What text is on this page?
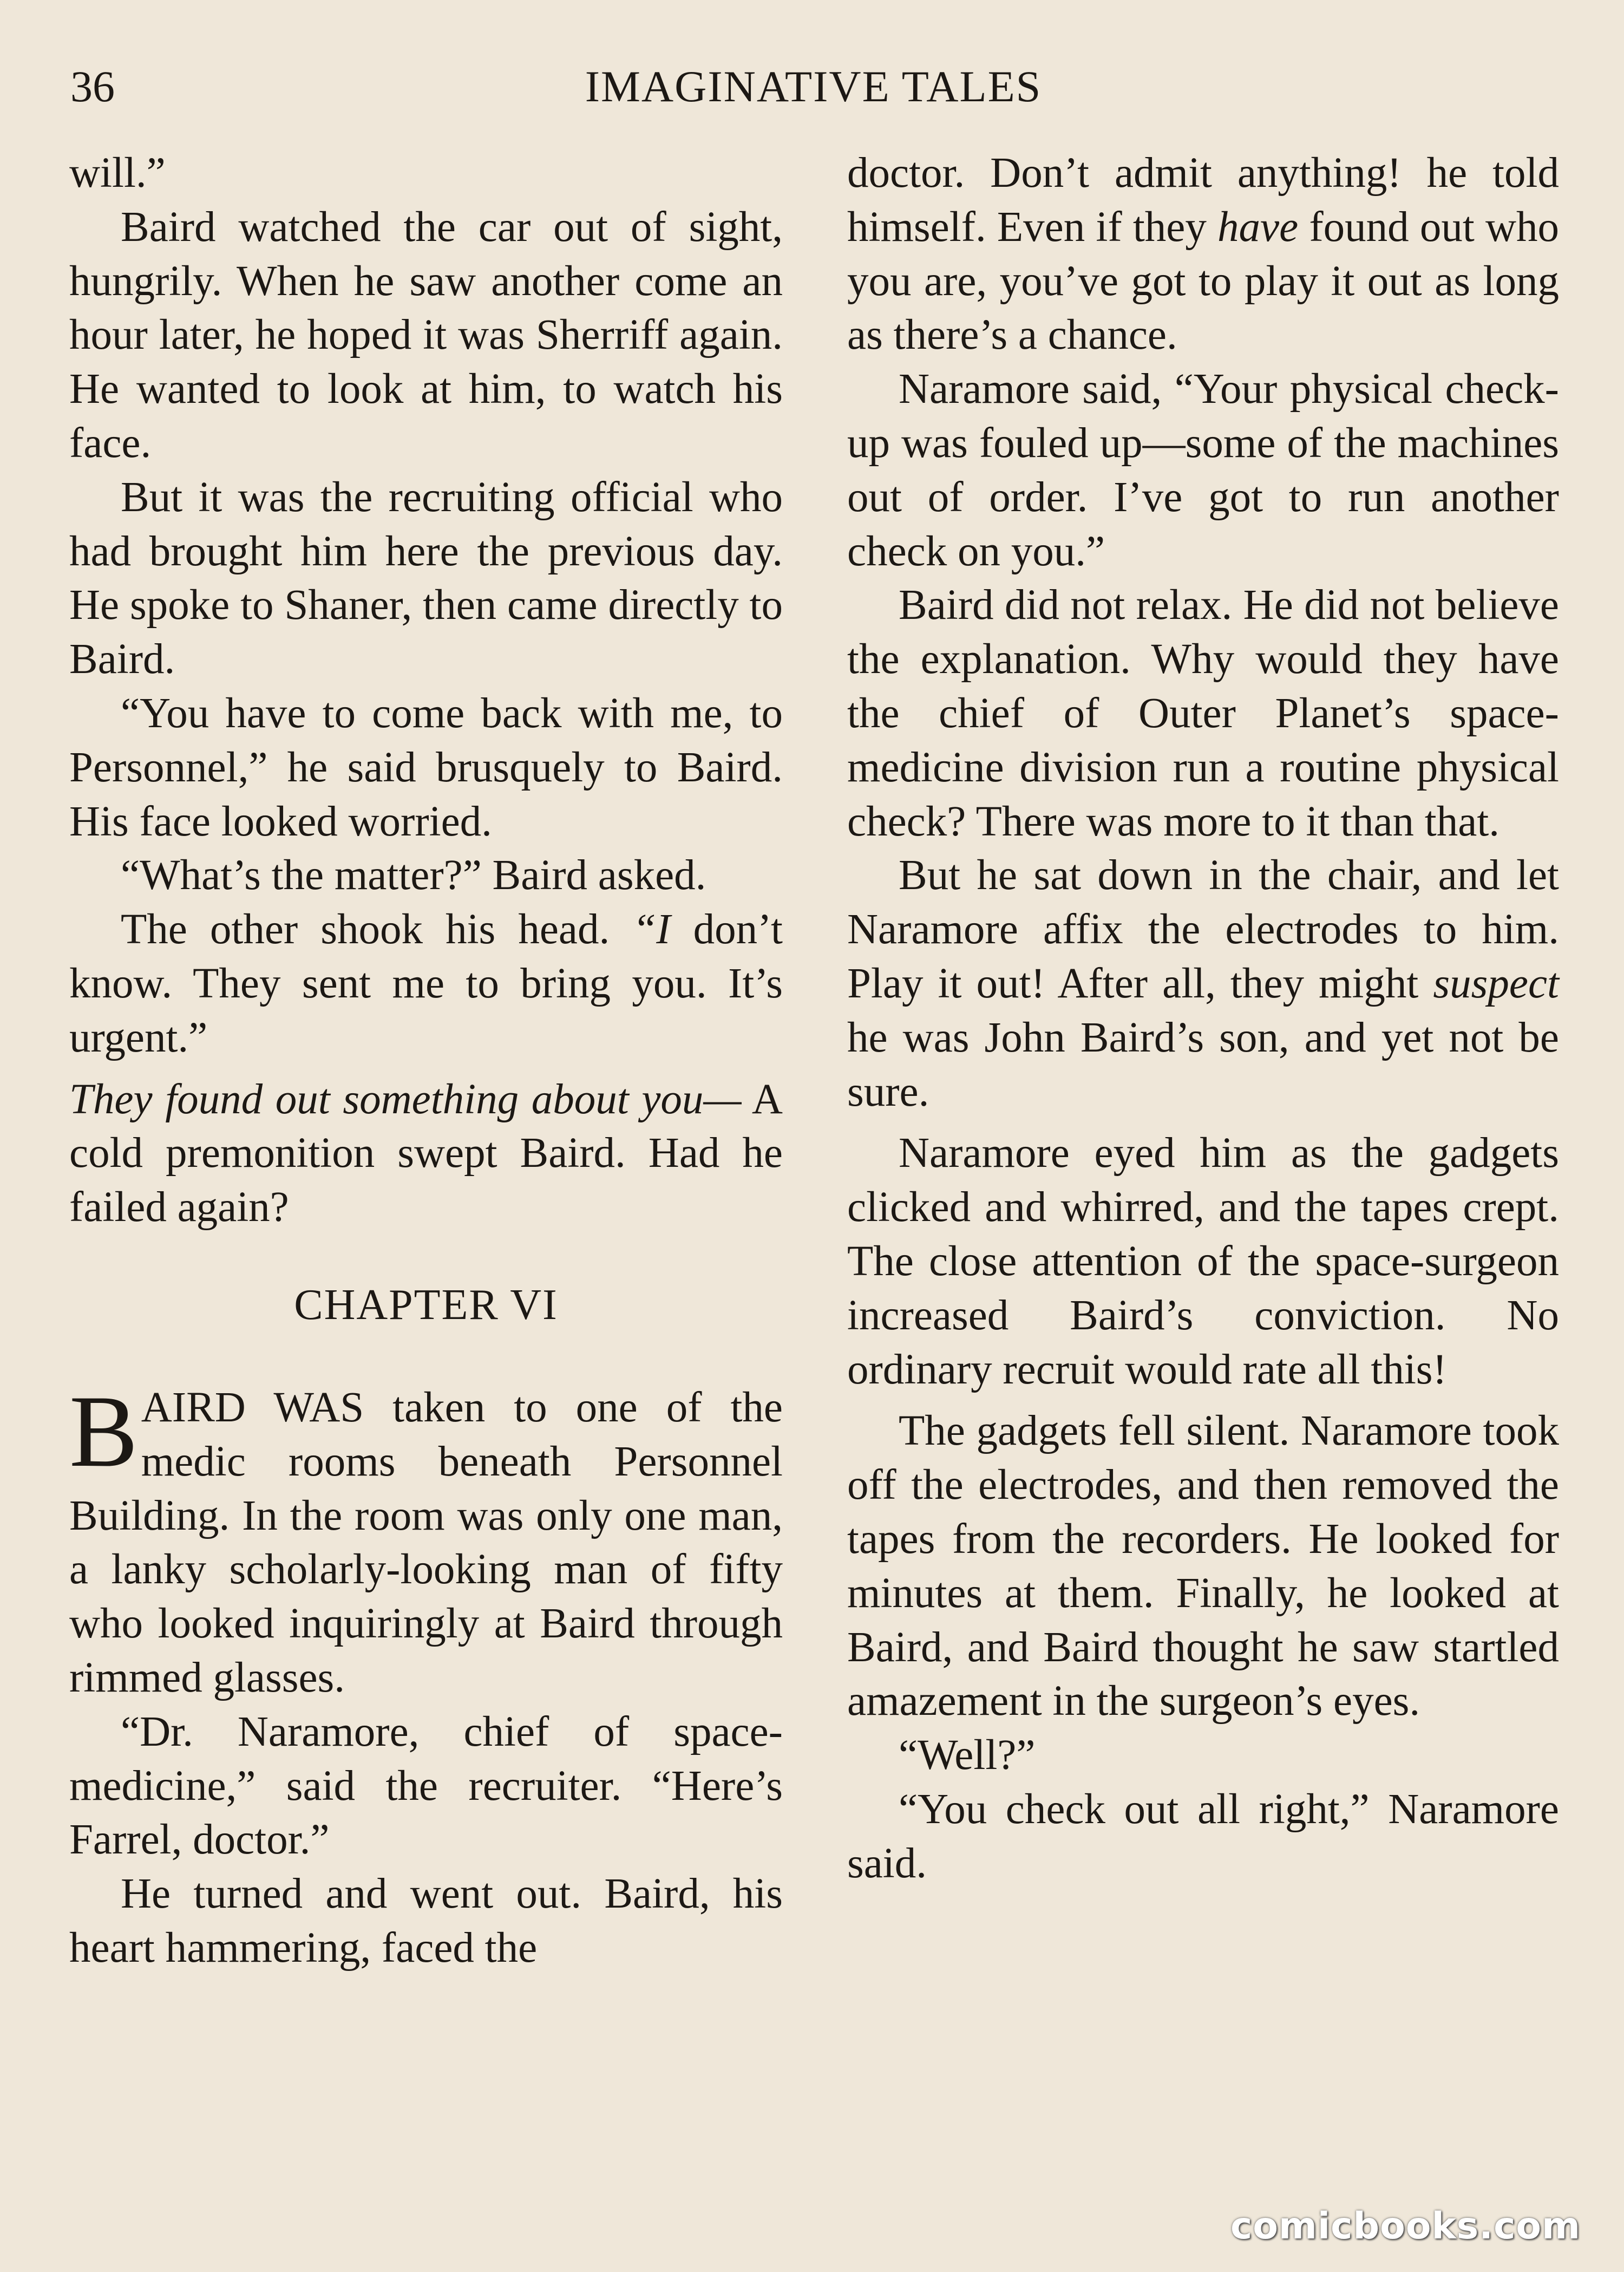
36	IMAGINATIVE TALES

will.”

Baird watched the car out of sight, hungrily. When he saw another come an hour later, he hoped it was Sherriff again. He wanted to look at him, to watch his face.

But it was the recruiting official who had brought him here the previous day. He spoke to Shaner, then came directly to Baird.

“You have to come back with me, to Personnel,” he said brusquely to Baird. His face looked worried.

“What’s the matter?” Baird asked.

The other shook his head. “I don’t know. They sent me to bring you. It’s urgent.”

They found out something about you— A cold premonition swept Baird. Had he failed again?

CHAPTER VI

BAIRD WAS taken to one of the medic rooms beneath Personnel Building. In the room was only one man, a lanky scholarly-looking man of fifty who looked inquiringly at Baird through rimmed glasses.

“Dr. Naramore, chief of space-medicine,” said the recruiter. “Here’s Farrel, doctor.”

He turned and went out. Baird, his heart hammering, faced the

doctor. Don’t admit anything! he told himself. Even if they have found out who you are, you’ve got to play it out as long as there’s a chance.

Naramore said, “Your physical check-up was fouled up—some of the machines out of order. I’ve got to run another check on you.”

Baird did not relax. He did not believe the explanation. Why would they have the chief of Outer Planet’s space-medicine division run a routine physical check? There was more to it than that.

But he sat down in the chair, and let Naramore affix the electrodes to him. Play it out! After all, they might suspect he was John Baird’s son, and yet not be sure.

Naramore eyed him as the gadgets clicked and whirred, and the tapes crept. The close attention of the space-surgeon increased Baird’s conviction. No ordinary recruit would rate all this!

The gadgets fell silent. Naramore took off the electrodes, and then removed the tapes from the recorders. He looked for minutes at them. Finally, he looked at Baird, and Baird thought he saw startled amazement in the surgeon’s eyes.

“Well?”

“You check out all right,” Naramore said.

comicbooks.com
